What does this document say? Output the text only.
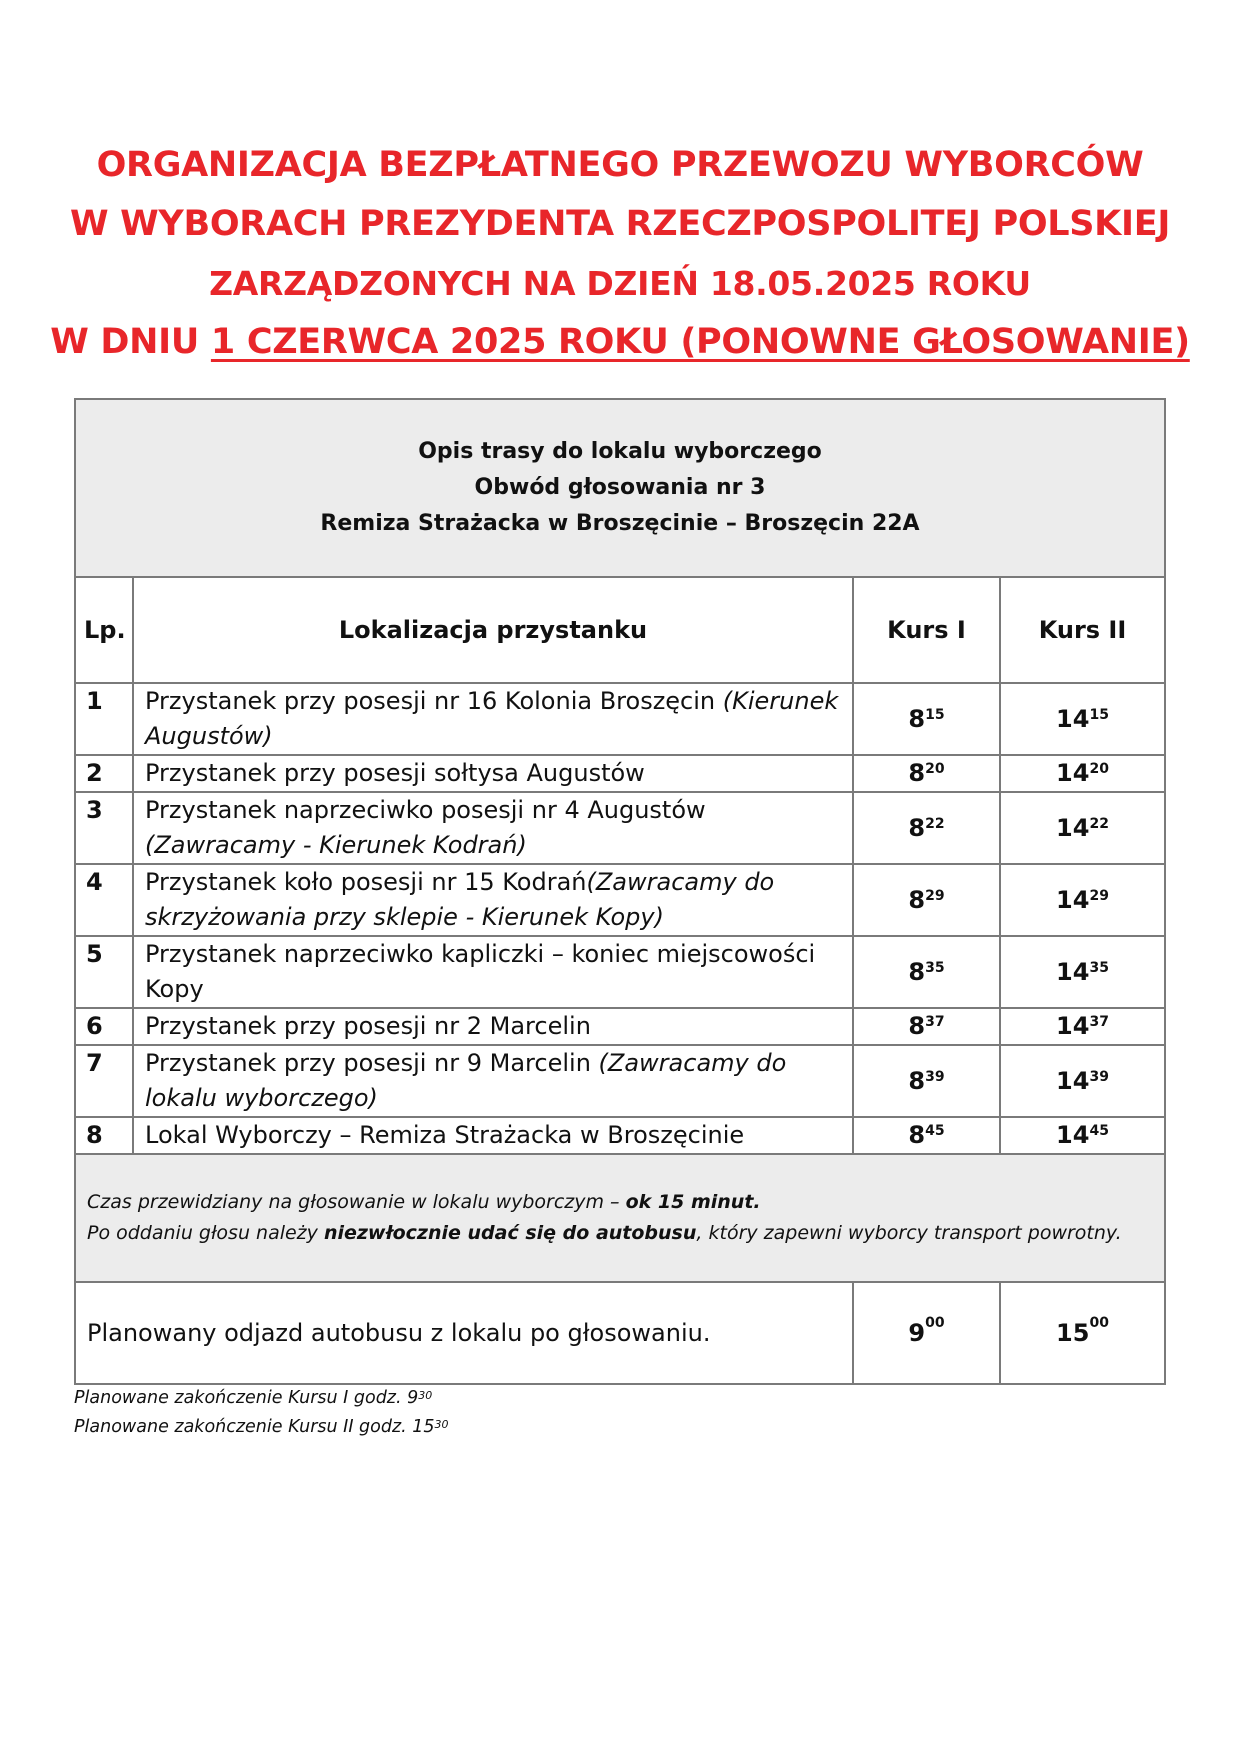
ORGANIZACJA BEZPŁATNEGO PRZEWOZU WYBORCÓW
W WYBORACH PREZYDENTA RZECZPOSPOLITEJ POLSKIEJ
ZARZĄDZONYCH NA DZIEŃ 18.05.2025 ROKU
W DNIU 1 CZERWCA 2025 ROKU (PONOWNE GŁOSOWANIE)
Opis trasy do lokalu wyborczego
Obwód głosowania nr 3
Remiza Strażacka w Broszęcinie – Broszęcin 22A			

Lp.	Lokalizacja przystanku	Kurs I	Kurs II
1	Przystanek przy posesji nr 16 Kolonia Broszęcin (Kierunek Augustów)	$8^{15}$	$14^{15}$
2	Przystanek przy posesji sołtysa Augustów	$8^{20}$	$14^{20}$
3	Przystanek naprzeciwko posesji nr 4 Augustów (Zawracamy - Kierunek Kodrań)	$8^{22}$	$14^{22}$
4	Przystanek koło posesji nr 15 Kodrań(Zawracamy do skrzyżowania przy sklepie - Kierunek Kopy)	$8^{29}$	$14^{29}$
5	Przystanek naprzeciwko kapliczki – koniec miejscowości Kopy	$8^{35}$	$14^{35}$
6	Przystanek przy posesji nr 2 Marcelin	$8^{37}$	$14^{37}$
7	Przystanek przy posesji nr 9 Marcelin (Zawracamy do lokalu wyborczego)	$8^{39}$	$14^{39}$
8	Lokal Wyborczy – Remiza Strażacka w Broszęcinie	$8^{45}$	$14^{45}$

Czas przewidziany na głosowanie w lokalu wyborczym – ok 15 minut.
Po oddaniu głosu należy niezwłocznie udać się do autobusu, który zapewni wyborcy transport powrotny.			

Planowany odjazd autobusu z lokalu po głosowaniu.		$9^{00}$	$15^{00}$
Planowane zakończenie Kursu I godz. $9^{30}$
Planowane zakończenie Kursu II godz. $15^{30}$
